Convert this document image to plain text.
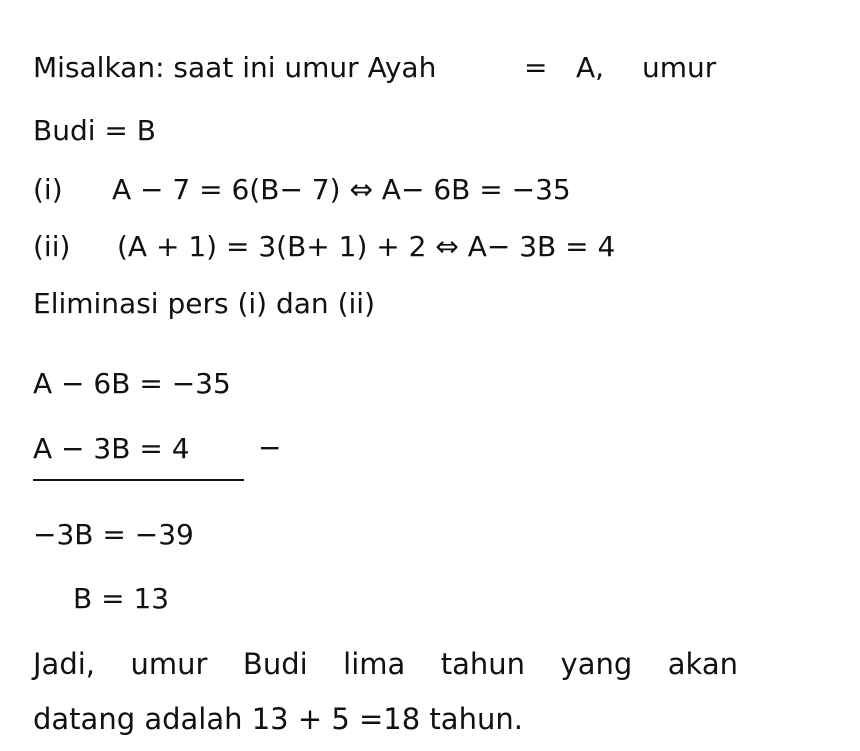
Misalkan: saat ini umur Ayah	= A, umur
Budi = B
(i) A − 7 = 6(B− 7) ⇔ A− 6B = −35
(ii) (A + 1) = 3(B+ 1) + 2 ⇔ A− 3B = 4
Eliminasi pers (i) dan (ii)
A − 6B = −35
A − 3B = 4 −
−3B = −39
B = 13
Jadi, umur Budi lima tahun yang akan
datang adalah 13 + 5 =18 tahun.
